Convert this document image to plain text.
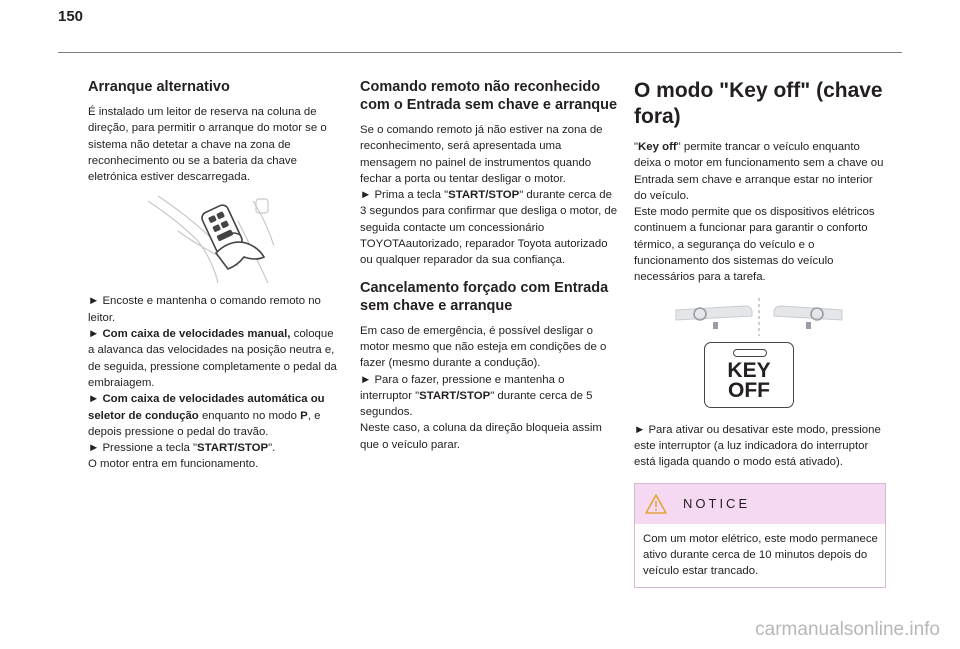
150
Arranque alternativo

É instalado um leitor de reserva na coluna de direção, para permitir o arranque do motor se o sistema não detetar a chave na zona de reconhecimento ou se a bateria da chave eletrónica estiver descarregada.

► Encoste e mantenha o comando remoto no leitor.

► Com caixa de velocidades manual, coloque a alavanca das velocidades na posição neutra e, de seguida, pressione completamente o pedal da embraiagem.

► Com caixa de velocidades automática ou seletor de condução enquanto no modo P, e depois pressione o pedal do travão.

► Pressione a tecla "START/STOP".

O motor entra em funcionamento.

Comando remoto não reconhecido com o Entrada sem chave e arranque

Se o comando remoto já não estiver na zona de reconhecimento, será apresentada uma mensagem no painel de instrumentos quando fechar a porta ou tentar desligar o motor.

► Prima a tecla "START/STOP" durante cerca de 3 segundos para confirmar que desliga o motor, de seguida contacte um concessionário TOYOTAautorizado, reparador Toyota autorizado ou qualquer reparador da sua confiança.

Cancelamento forçado com Entrada sem chave e arranque

Em caso de emergência, é possível desligar o motor mesmo que não esteja em condições de o fazer (mesmo durante a condução).

► Para o fazer, pressione e mantenha o interruptor "START/STOP" durante cerca de 5 segundos.

Neste caso, a coluna da direção bloqueia assim que o veículo parar.

O modo "Key off" (chave fora)

"Key off" permite trancar o veículo enquanto deixa o motor em funcionamento sem a chave ou Entrada sem chave e arranque estar no interior do veículo.

Este modo permite que os dispositivos elétricos continuem a funcionar para garantir o conforto térmico, a segurança do veículo e o funcionamento dos sistemas do veículo necessários para a tarefa.

KEY
OFF

► Para ativar ou desativar este modo, pressione este interruptor (a luz indicadora do interruptor está ligada quando o modo está ativado).

NOTICE

Com um motor elétrico, este modo permanece ativo durante cerca de 10 minutos depois do veículo estar trancado.

carmanualsonline.info
